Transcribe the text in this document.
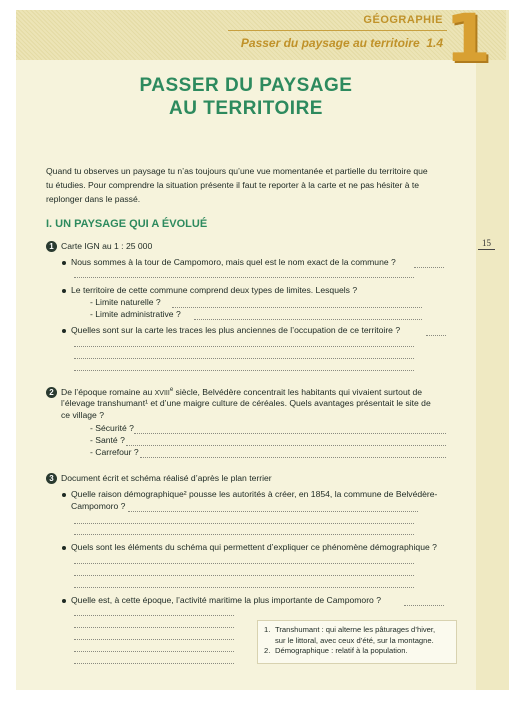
GÉOGRAPHIE
Passer du paysage au territoire 1.4 1
PASSER DU PAYSAGE
AU TERRITOIRE
Quand tu observes un paysage tu n’as toujours qu’une vue momentanée et partielle du territoire que
tu étudies. Pour comprendre la situation présente il faut te reporter à la carte et ne pas hésiter à te
replonger dans le passé.
I. UN PAYSAGE QUI A ÉVOLUÉ
15
1 Carte IGN au 1 : 25 000
Nous sommes à la tour de Campomoro, mais quel est le nom exact de la commune ?
Le territoire de cette commune comprend deux types de limites. Lesquels ?
- Limite naturelle ?
- Limite administrative ?
Quelles sont sur la carte les traces les plus anciennes de l’occupation de ce territoire ?
2 De l’époque romaine au XVIIIe siècle, Belvédère concentrait les habitants qui vivaient surtout de
l’élevage transhumant¹ et d’une maigre culture de céréales. Quels avantages présentait le site de
ce village ?
- Sécurité ?
- Santé ?
- Carrefour ?
3 Document écrit et schéma réalisé d’après le plan terrier
Quelle raison démographique² pousse les autorités à créer, en 1854, la commune de Belvédère-
Campomoro ?
Quels sont les éléments du schéma qui permettent d’expliquer ce phénomène démographique ?
Quelle est, à cette époque, l’activité maritime la plus importante de Campomoro ?
1. Transhumant : qui alterne les pâturages d’hiver,
sur le littoral, avec ceux d’été, sur la montagne.
2. Démographique : relatif à la population.
